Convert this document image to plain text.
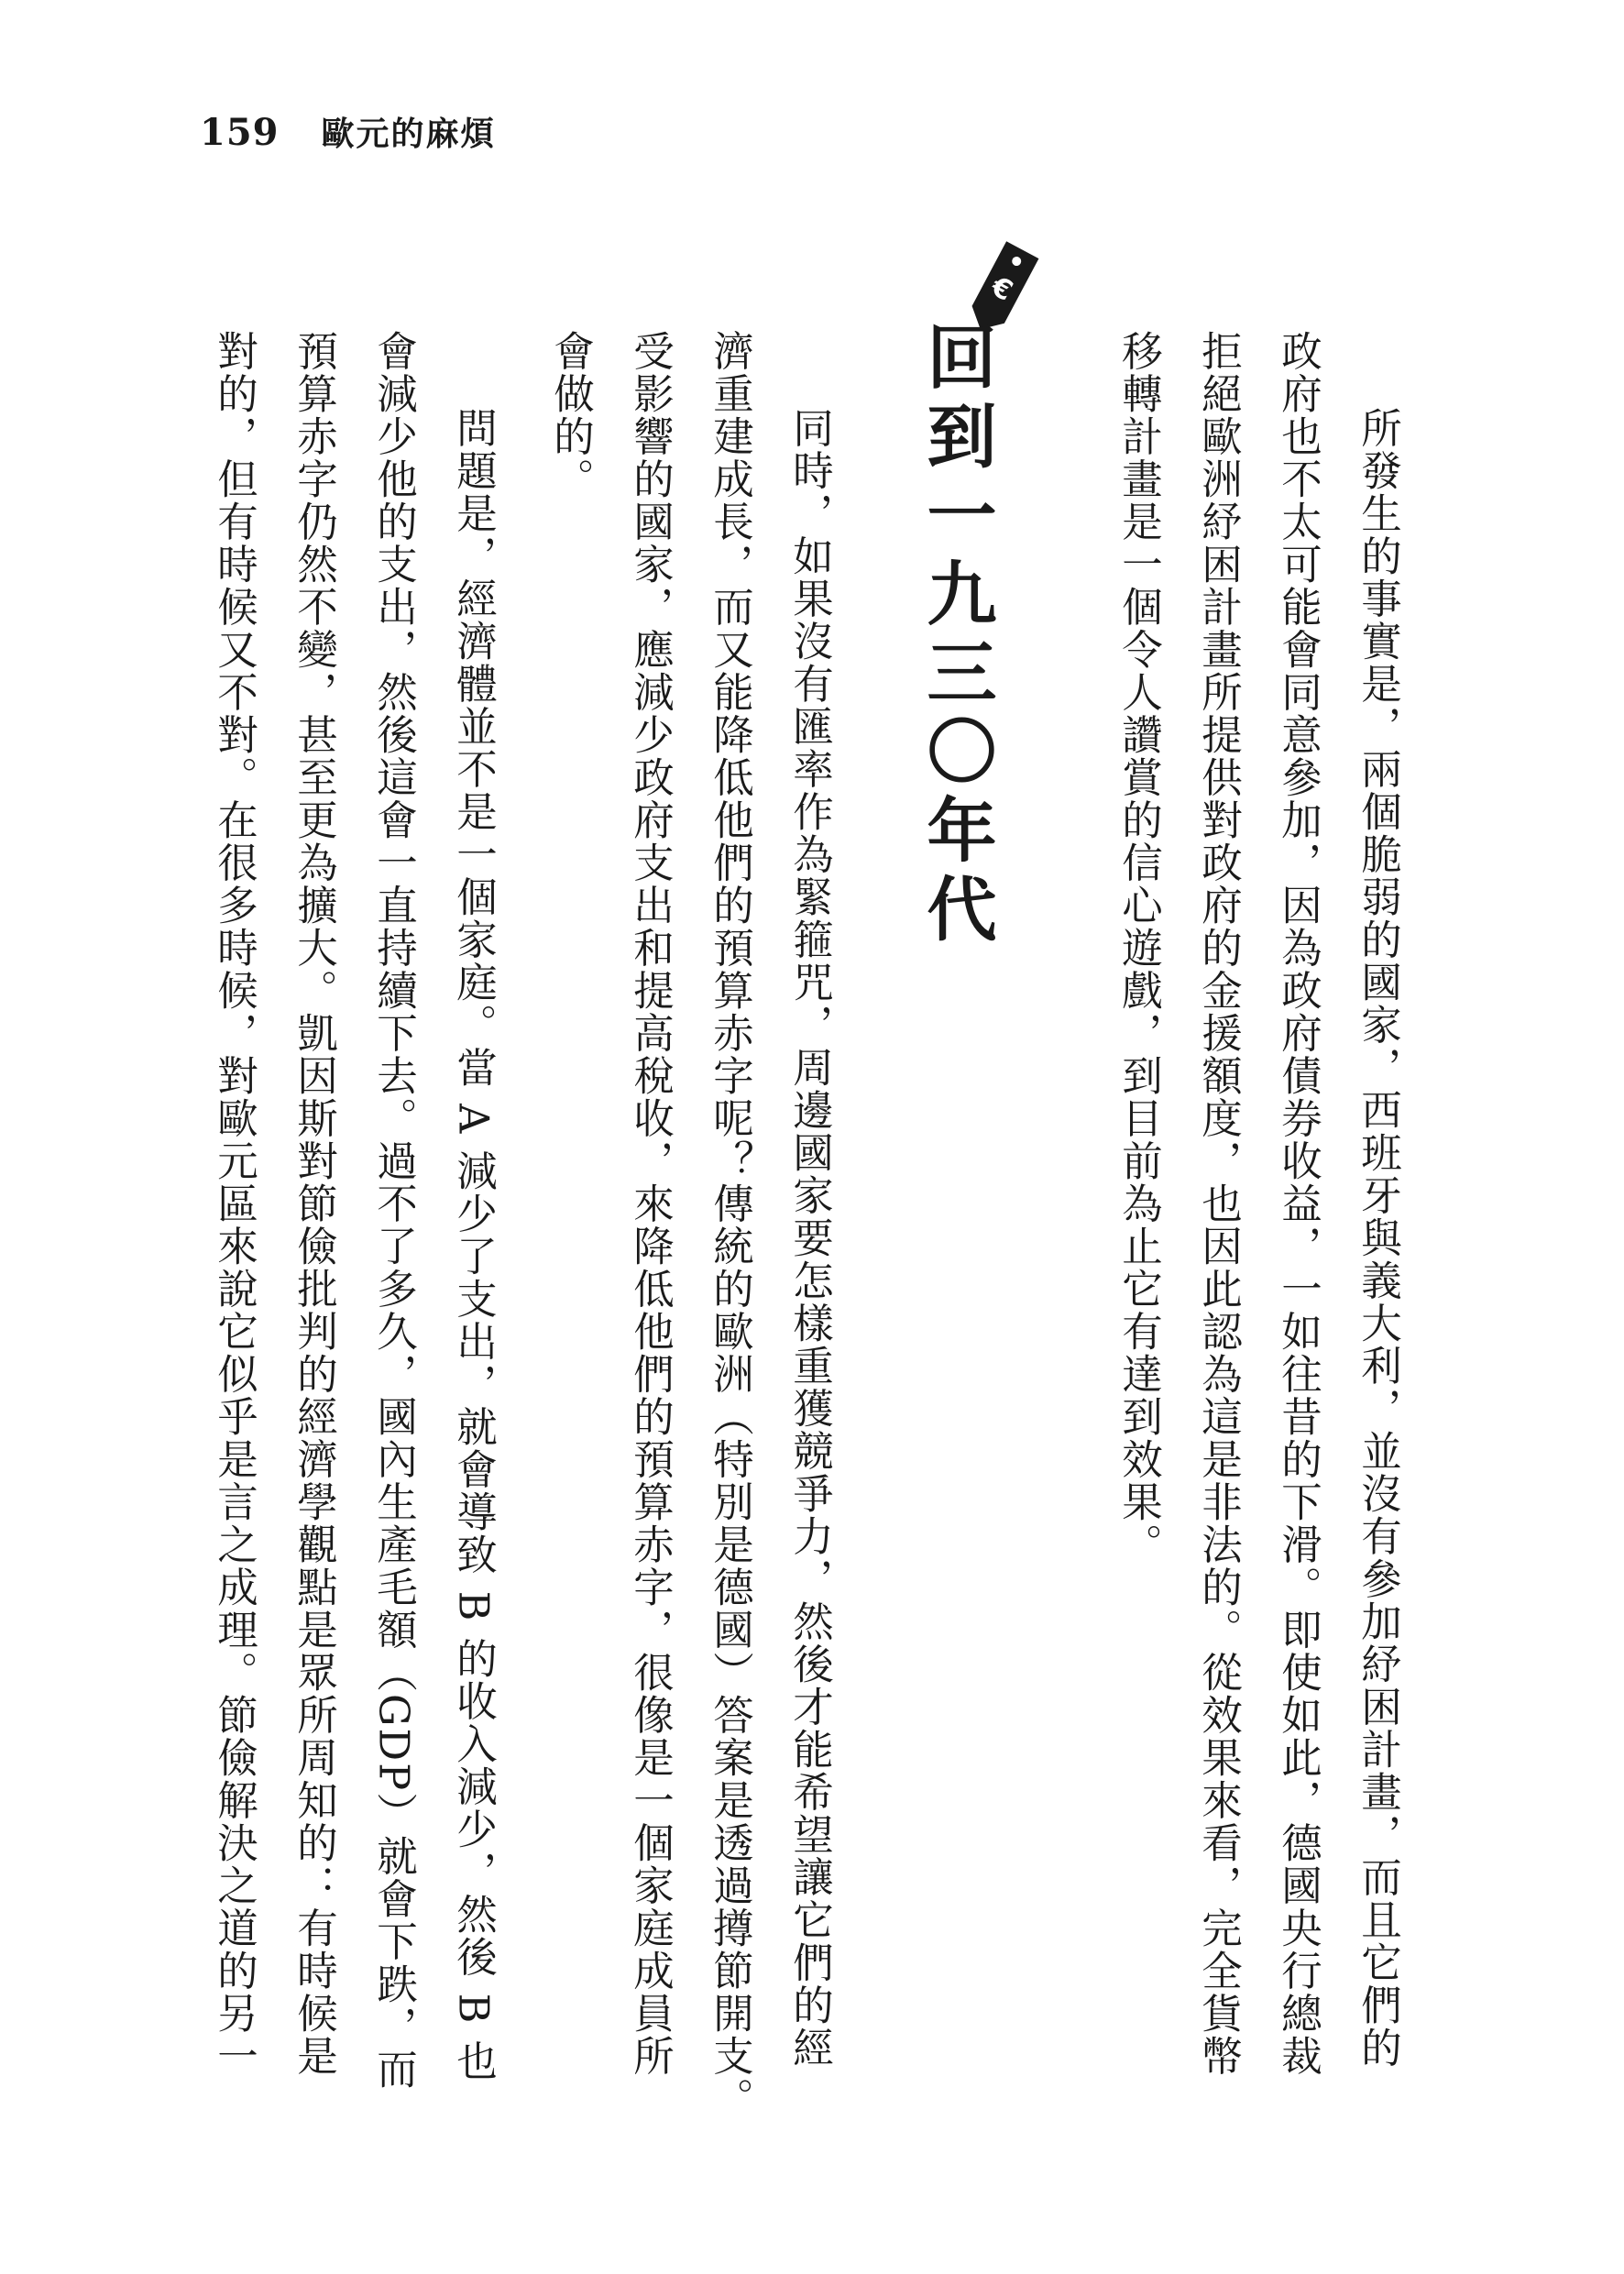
159 歐元的麻煩
€
回到一九三〇年代	所發生的事實是，兩個脆弱的國家，西班牙與義大利，並沒有參加紓困計畫，而且它們的
政府也不太可能會同意參加，因為政府債券收益，一如往昔的下滑。即使如此，德國央行總裁
拒絕歐洲紓困計畫所提供對政府的金援額度，也因此認為這是非法的。從效果來看，完全貨幣
移轉計畫是一個令人讚賞的信心遊戲，到目前為止它有達到效果。
同時，如果沒有匯率作為緊箍咒，周邊國家要怎樣重獲競爭力，然後才能希望讓它們的經
濟重建成長，而又能降低他們的預算赤字呢？傳統的歐洲（特別是德國）答案是透過撙節開支。
受影響的國家，應減少政府支出和提高稅收，來降低他們的預算赤字，很像是一個家庭成員所
會做的。
問題是，經濟體並不是一個家庭。當 A 減少了支出，就會導致 B 的收入減少，然後 B 也
會減少他的支出，然後這會一直持續下去。過不了多久，國內生產毛額（GDP）就會下跌，而
預算赤字仍然不變，甚至更為擴大。凱因斯對節儉批判的經濟學觀點是眾所周知的：有時候是
對的，但有時候又不對。在很多時候，對歐元區來說它似乎是言之成理。節儉解決之道的另一
